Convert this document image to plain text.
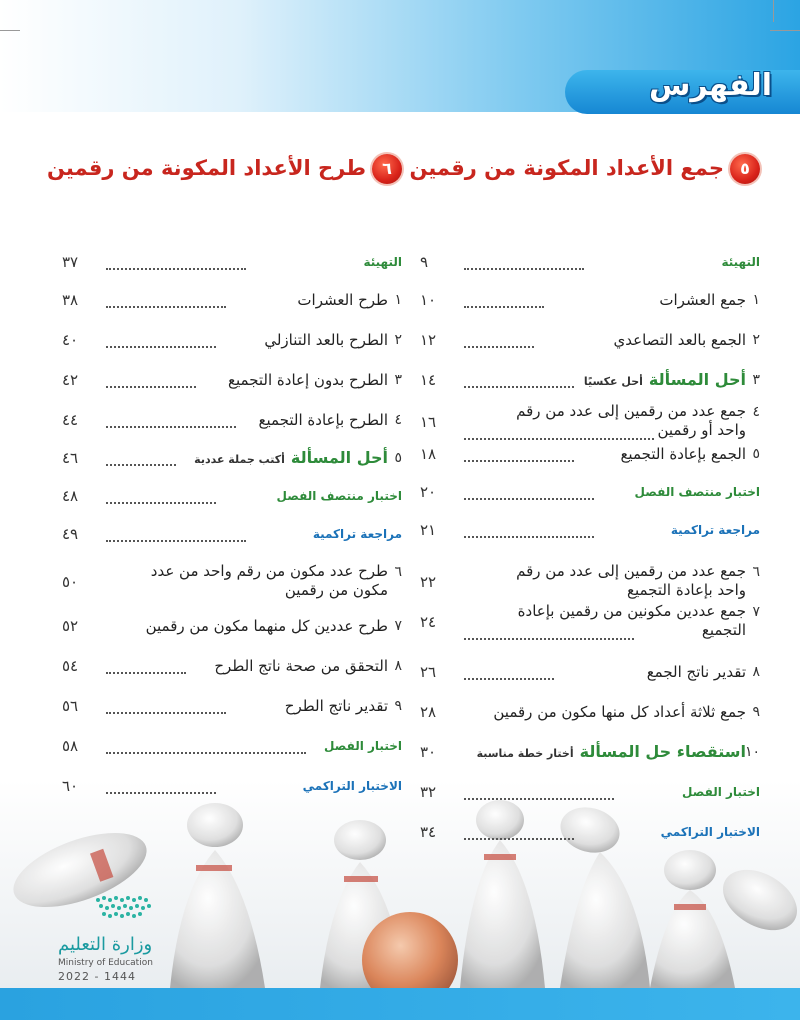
الفهرس
٥
جمع الأعداد المكونة من رقمين
التهيئة
٩
١
جمع العشرات
١٠
٢
الجمع بالعد التصاعدي
١٢
٣
أحل المسألةأحل عكسيًا
١٤
٤
جمع عدد من رقمين إلى عدد من رقم واحد أو رقمين
١٦
٥
الجمع بإعادة التجميع
١٨
اختبار منتصف الفصل
٢٠
مراجعة تراكمية
٢١
٦
جمع عدد من رقمين إلى عدد من رقم واحد بإعادة التجميع
٢٢
٧
جمع عددين مكونين من رقمين بإعادة التجميع
٢٤
٨
تقدير ناتج الجمع
٢٦
٩
جمع ثلاثة أعداد كل منها مكون من رقمين
٢٨
١٠
استقصاء حل المسألةأختار خطة مناسبة
٣٠
اختبار الفصل
٣٢
الاختبار التراكمي
٣٤
٦
طرح الأعداد المكونة من رقمين
التهيئة
٣٧
١
طرح العشرات
٣٨
٢
الطرح بالعد التنازلي
٤٠
٣
الطرح بدون إعادة التجميع
٤٢
٤
الطرح بإعادة التجميع
٤٤
٥
أحل المسألةأكتب جملة عددية
٤٦
اختبار منتصف الفصل
٤٨
مراجعة تراكمية
٤٩
٦
طرح عدد مكون من رقم واحد من عدد مكون من رقمين
٥٠
٧
طرح عددين كل منهما مكون من رقمين
٥٢
٨
التحقق من صحة ناتج الطرح
٥٤
٩
تقدير ناتج الطرح
٥٦
اختبار الفصل
٥٨
الاختبار التراكمي
٦٠
وزارة التعليم
Ministry of Education
2022 - 1444
